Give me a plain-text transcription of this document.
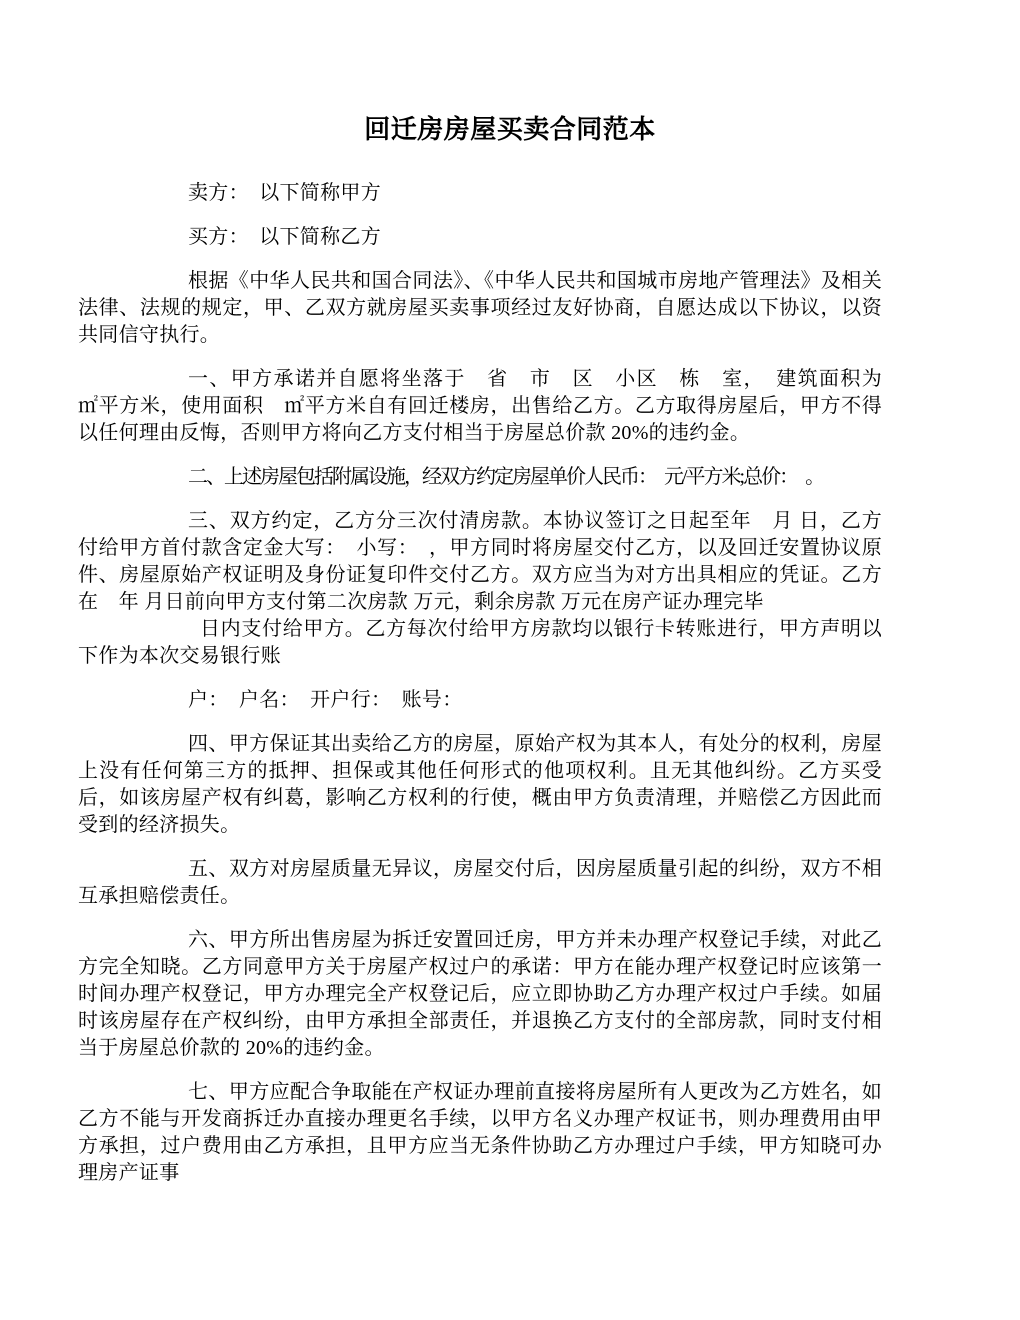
回迁房房屋买卖合同范本

卖方：　以下简称甲方

买方：　以下简称乙方

根据《中华人民共和国合同法》、《中华人民共和国城市房地产管理法》及相关法律、法规的规定，甲、乙双方就房屋买卖事项经过友好协商，自愿达成以下协议，以资共同信守执行。

一、甲方承诺并自愿将坐落于　省　市　区　小区　栋　室，　建筑面积为　㎡平方米，使用面积　㎡平方米自有回迁楼房，出售给乙方。乙方取得房屋后，甲方不得以任何理由反悔，否则甲方将向乙方支付相当于房屋总价款 20%的违约金。

二、上述房屋包括附属设施，经双方约定房屋单价人民币：　元/平方米;总价：　。

三、双方约定，乙方分三次付清房款。本协议签订之日起至年　月 日，乙方付给甲方首付款含定金大写：　小写：　，甲方同时将房屋交付乙方，以及回迁安置协议原件、房屋原始产权证明及身份证复印件交付乙方。双方应当为对方出具相应的凭证。乙方在　年 月日前向甲方支付第二次房款 万元，剩余房款 万元在房产证办理完毕

日内支付给甲方。乙方每次付给甲方房款均以银行卡转账进行，甲方声明以下作为本次交易银行账

户：　户名：　开户行：　账号：

四、甲方保证其出卖给乙方的房屋，原始产权为其本人，有处分的权利，房屋上没有任何第三方的抵押、担保或其他任何形式的他项权利。且无其他纠纷。乙方买受后，如该房屋产权有纠葛，影响乙方权利的行使，概由甲方负责清理，并赔偿乙方因此而受到的经济损失。

五、双方对房屋质量无异议，房屋交付后，因房屋质量引起的纠纷，双方不相互承担赔偿责任。

六、甲方所出售房屋为拆迁安置回迁房，甲方并未办理产权登记手续，对此乙方完全知晓。乙方同意甲方关于房屋产权过户的承诺：甲方在能办理产权登记时应该第一时间办理产权登记，甲方办理完全产权登记后，应立即协助乙方办理产权过户手续。如届时该房屋存在产权纠纷，由甲方承担全部责任，并退换乙方支付的全部房款，同时支付相当于房屋总价款的 20%的违约金。

七、甲方应配合争取能在产权证办理前直接将房屋所有人更改为乙方姓名，如乙方不能与开发商拆迁办直接办理更名手续，以甲方名义办理产权证书，则办理费用由甲方承担，过户费用由乙方承担，且甲方应当无条件协助乙方办理过户手续，甲方知晓可办理房产证事
